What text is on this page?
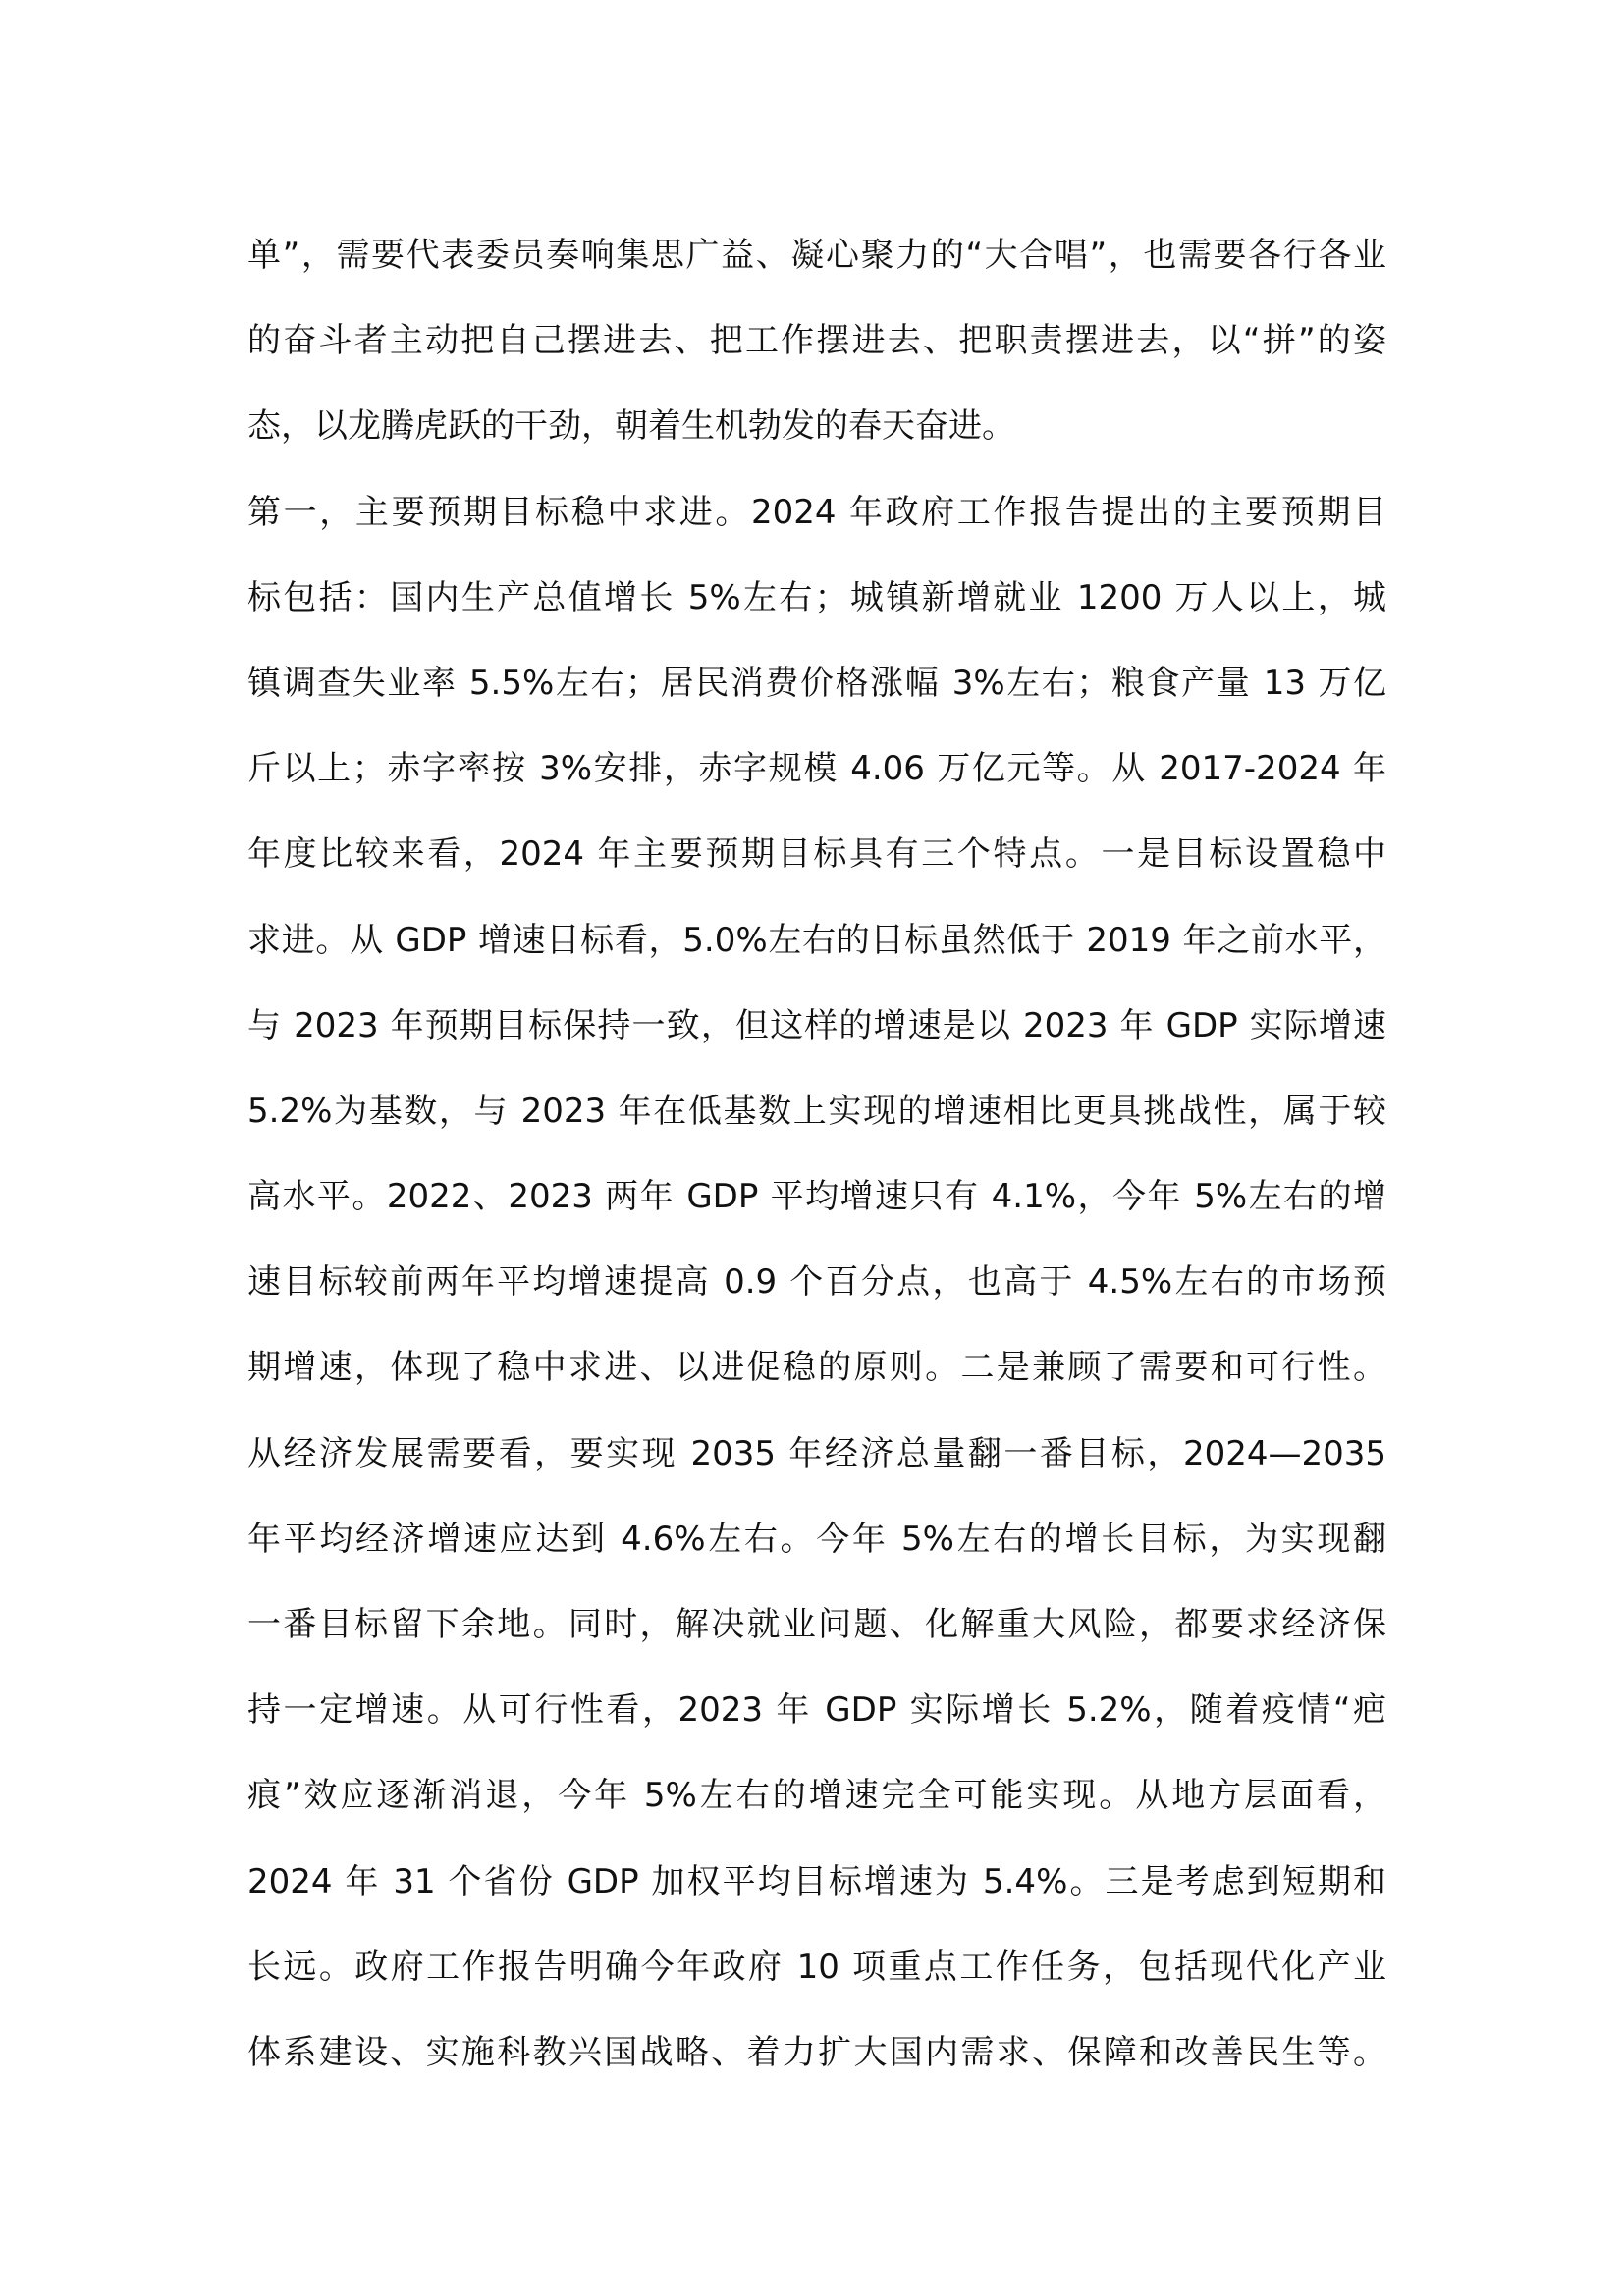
单”，需要代表委员奏响集思广益、凝心聚力的“大合唱”，也需要各行各业
的奋斗者主动把自己摆进去、把工作摆进去、把职责摆进去，以“拼”的姿
态，以龙腾虎跃的干劲，朝着生机勃发的春天奋进。
第一，主要预期目标稳中求进。2024 年政府工作报告提出的主要预期目
标包括：国内生产总值增长 5%左右；城镇新增就业 1200 万人以上，城
镇调查失业率 5.5%左右；居民消费价格涨幅 3%左右；粮食产量 13 万亿
斤以上；赤字率按 3%安排，赤字规模 4.06 万亿元等。从 2017-2024 年
年度比较来看，2024 年主要预期目标具有三个特点。一是目标设置稳中
求进。从 GDP 增速目标看，5.0%左右的目标虽然低于 2019 年之前水平，
与 2023 年预期目标保持一致，但这样的增速是以 2023 年 GDP 实际增速
5.2%为基数，与 2023 年在低基数上实现的增速相比更具挑战性，属于较
高水平。2022、2023 两年 GDP 平均增速只有 4.1%，今年 5%左右的增
速目标较前两年平均增速提高 0.9 个百分点，也高于 4.5%左右的市场预
期增速，体现了稳中求进、以进促稳的原则。二是兼顾了需要和可行性。
从经济发展需要看，要实现 2035 年经济总量翻一番目标，2024—2035
年平均经济增速应达到 4.6%左右。今年 5%左右的增长目标，为实现翻
一番目标留下余地。同时，解决就业问题、化解重大风险，都要求经济保
持一定增速。从可行性看，2023 年 GDP 实际增长 5.2%，随着疫情“疤
痕”效应逐渐消退，今年 5%左右的增速完全可能实现。从地方层面看，
2024 年 31 个省份 GDP 加权平均目标增速为 5.4%。三是考虑到短期和
长远。政府工作报告明确今年政府 10 项重点工作任务，包括现代化产业
体系建设、实施科教兴国战略、着力扩大国内需求、保障和改善民生等。
